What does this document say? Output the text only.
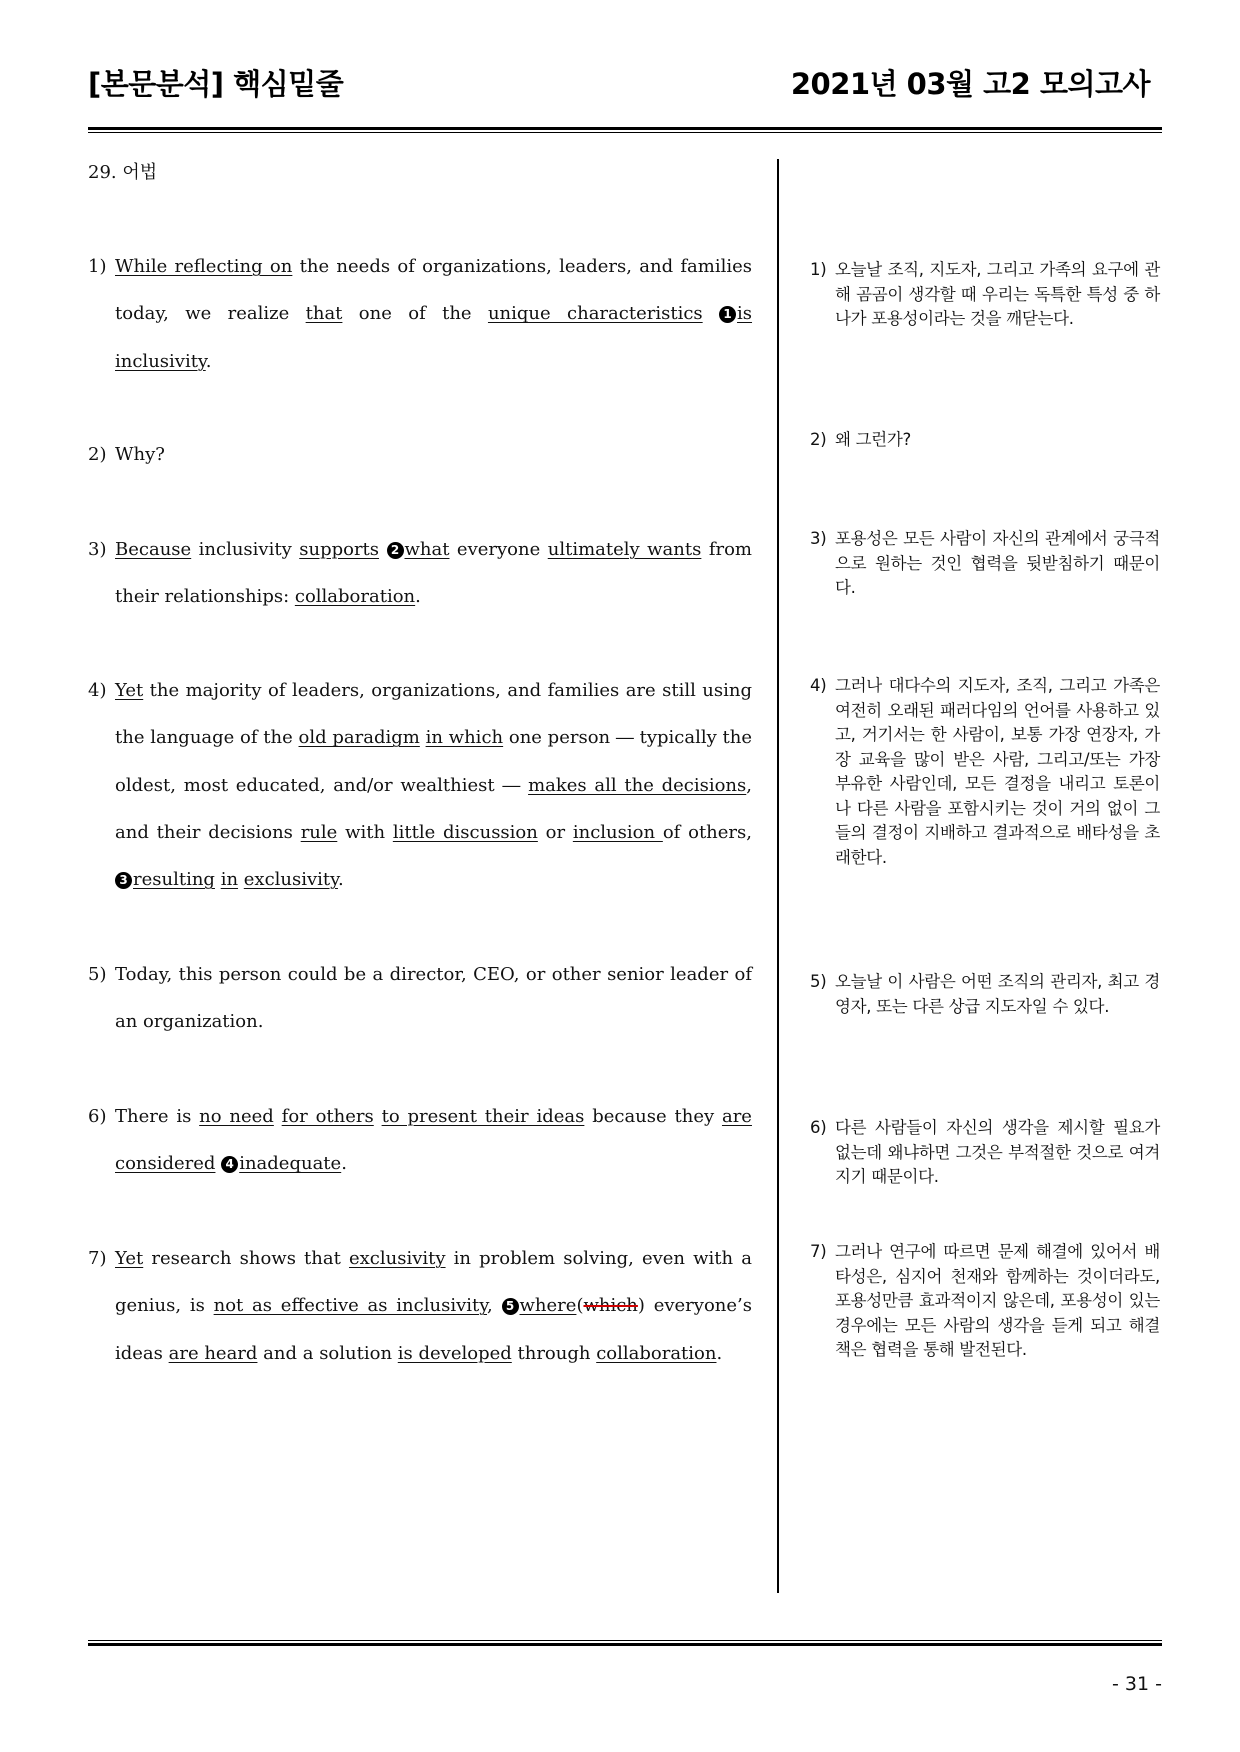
[본문분석] 핵심밑줄	2021년 03월 고2 모의고사
29. 어법
1) While reflecting on the needs of organizations, leaders, and families today, we realize that one of the unique characteristics 1 is inclusivity.
2) Why?
3) Because inclusivity supports 2 what everyone ultimately wants from their relationships: collaboration.
4) Yet the majority of leaders, organizations, and families are still using the language of the old paradigm in which one person ― typically the oldest, most educated, and/or wealthiest ― makes all the decisions, and their decisions rule with little discussion or inclusion of others, 3 resulting in exclusivity.
5) Today, this person could be a director, CEO, or other senior leader of an organization.
6) There is no need for others to present their ideas because they are considered 4 inadequate.
7) Yet research shows that exclusivity in problem solving, even with a genius, is not as effective as inclusivity, 5 where(which) everyone’s ideas are heard and a solution is developed through collaboration.
1) 오늘날 조직, 지도자, 그리고 가족의 요구에 관해 곰곰이 생각할 때 우리는 독특한 특성 중 하나가 포용성이라는 것을 깨닫는다.
2) 왜 그런가?
3) 포용성은 모든 사람이 자신의 관계에서 궁극적으로 원하는 것인 협력을 뒷받침하기 때문이다.
4) 그러나 대다수의 지도자, 조직, 그리고 가족은 여전히 오래된 패러다임의 언어를 사용하고 있고, 거기서는 한 사람이, 보통 가장 연장자, 가장 교육을 많이 받은 사람, 그리고/또는 가장 부유한 사람인데, 모든 결정을 내리고 토론이나 다른 사람을 포함시키는 것이 거의 없이 그들의 결정이 지배하고 결과적으로 배타성을 초래한다.
5) 오늘날 이 사람은 어떤 조직의 관리자, 최고 경영자, 또는 다른 상급 지도자일 수 있다.
6) 다른 사람들이 자신의 생각을 제시할 필요가 없는데 왜냐하면 그것은 부적절한 것으로 여겨지기 때문이다.
7) 그러나 연구에 따르면 문제 해결에 있어서 배타성은, 심지어 천재와 함께하는 것이더라도, 포용성만큼 효과적이지 않은데, 포용성이 있는 경우에는 모든 사람의 생각을 듣게 되고 해결책은 협력을 통해 발전된다.
- 31 -
